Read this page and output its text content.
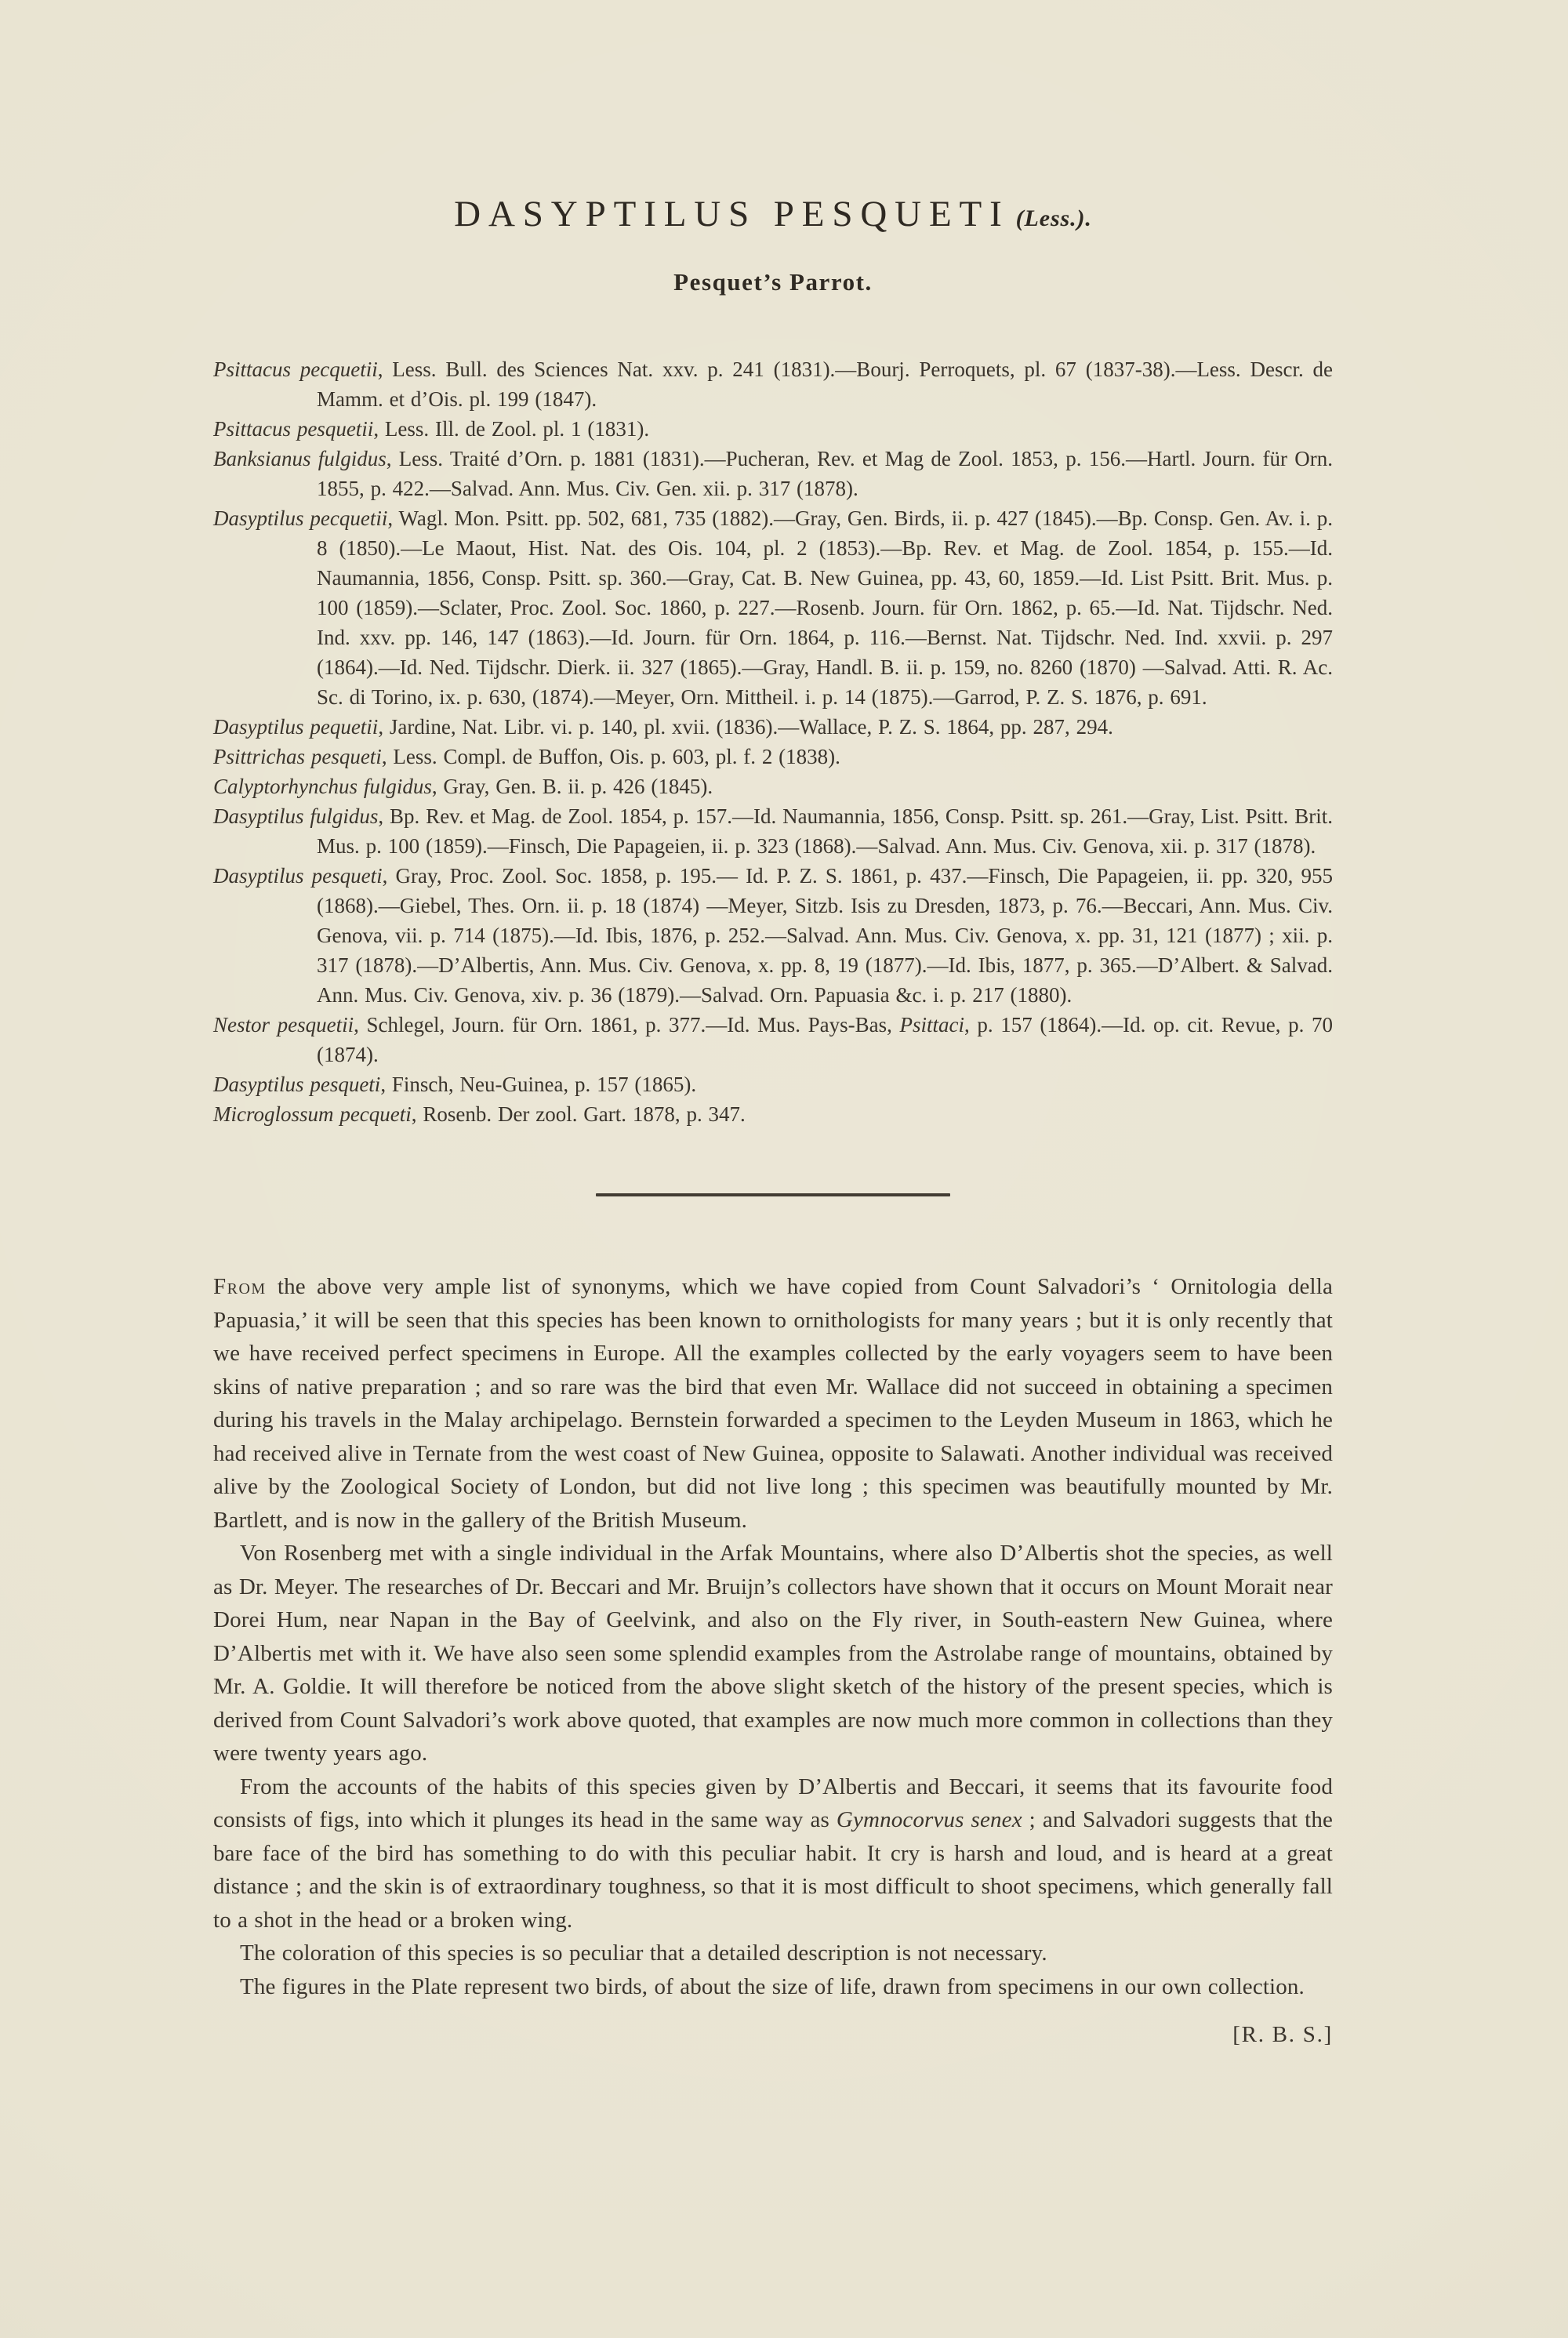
DASYPTILUS PESQUETI (Less.).
Pesquet’s Parrot.

Psittacus pecquetii, Less. Bull. des Sciences Nat. xxv. p. 241 (1831).—Bourj. Perroquets, pl. 67 (1837-38).—Less. Descr. de Mamm. et d’Ois. pl. 199 (1847).

Psittacus pesquetii, Less. Ill. de Zool. pl. 1 (1831).

Banksianus fulgidus, Less. Traité d’Orn. p. 1881 (1831).—Pucheran, Rev. et Mag de Zool. 1853, p. 156.—Hartl. Journ. für Orn. 1855, p. 422.—Salvad. Ann. Mus. Civ. Gen. xii. p. 317 (1878).

Dasyptilus pecquetii, Wagl. Mon. Psitt. pp. 502, 681, 735 (1882).—Gray, Gen. Birds, ii. p. 427 (1845).—Bp. Consp. Gen. Av. i. p. 8 (1850).—Le Maout, Hist. Nat. des Ois. 104, pl. 2 (1853).—Bp. Rev. et Mag. de Zool. 1854, p. 155.—Id. Naumannia, 1856, Consp. Psitt. sp. 360.—Gray, Cat. B. New Guinea, pp. 43, 60, 1859.—Id. List Psitt. Brit. Mus. p. 100 (1859).—Sclater, Proc. Zool. Soc. 1860, p. 227.—Rosenb. Journ. für Orn. 1862, p. 65.—Id. Nat. Tijdschr. Ned. Ind. xxv. pp. 146, 147 (1863).—Id. Journ. für Orn. 1864, p. 116.—Bernst. Nat. Tijdschr. Ned. Ind. xxvii. p. 297 (1864).—Id. Ned. Tijdschr. Dierk. ii. 327 (1865).—Gray, Handl. B. ii. p. 159, no. 8260 (1870) —Salvad. Atti. R. Ac. Sc. di Torino, ix. p. 630, (1874).—Meyer, Orn. Mittheil. i. p. 14 (1875).—Garrod, P. Z. S. 1876, p. 691.

Dasyptilus pequetii, Jardine, Nat. Libr. vi. p. 140, pl. xvii. (1836).—Wallace, P. Z. S. 1864, pp. 287, 294.

Psittrichas pesqueti, Less. Compl. de Buffon, Ois. p. 603, pl. f. 2 (1838).

Calyptorhynchus fulgidus, Gray, Gen. B. ii. p. 426 (1845).

Dasyptilus fulgidus, Bp. Rev. et Mag. de Zool. 1854, p. 157.—Id. Naumannia, 1856, Consp. Psitt. sp. 261.—Gray, List. Psitt. Brit. Mus. p. 100 (1859).—Finsch, Die Papageien, ii. p. 323 (1868).—Salvad. Ann. Mus. Civ. Genova, xii. p. 317 (1878).

Dasyptilus pesqueti, Gray, Proc. Zool. Soc. 1858, p. 195.— Id. P. Z. S. 1861, p. 437.—Finsch, Die Papageien, ii. pp. 320, 955 (1868).—Giebel, Thes. Orn. ii. p. 18 (1874) —Meyer, Sitzb. Isis zu Dresden, 1873, p. 76.—Beccari, Ann. Mus. Civ. Genova, vii. p. 714 (1875).—Id. Ibis, 1876, p. 252.—Salvad. Ann. Mus. Civ. Genova, x. pp. 31, 121 (1877) ; xii. p. 317 (1878).—D’Albertis, Ann. Mus. Civ. Genova, x. pp. 8, 19 (1877).—Id. Ibis, 1877, p. 365.—D’Albert. & Salvad. Ann. Mus. Civ. Genova, xiv. p. 36 (1879).—Salvad. Orn. Papuasia &c. i. p. 217 (1880).

Nestor pesquetii, Schlegel, Journ. für Orn. 1861, p. 377.—Id. Mus. Pays-Bas, Psittaci, p. 157 (1864).—Id. op. cit. Revue, p. 70 (1874).

Dasyptilus pesqueti, Finsch, Neu-Guinea, p. 157 (1865).

Microglossum pecqueti, Rosenb. Der zool. Gart. 1878, p. 347.

From the above very ample list of synonyms, which we have copied from Count Salvadori’s ‘ Ornitologia della Papuasia,’ it will be seen that this species has been known to ornithologists for many years ; but it is only recently that we have received perfect specimens in Europe. All the examples collected by the early voyagers seem to have been skins of native preparation ; and so rare was the bird that even Mr. Wallace did not succeed in obtaining a specimen during his travels in the Malay archipelago. Bernstein forwarded a specimen to the Leyden Museum in 1863, which he had received alive in Ternate from the west coast of New Guinea, opposite to Salawati. Another individual was received alive by the Zoological Society of London, but did not live long ; this specimen was beautifully mounted by Mr. Bartlett, and is now in the gallery of the British Museum.

Von Rosenberg met with a single individual in the Arfak Mountains, where also D’Albertis shot the species, as well as Dr. Meyer. The researches of Dr. Beccari and Mr. Bruijn’s collectors have shown that it occurs on Mount Morait near Dorei Hum, near Napan in the Bay of Geelvink, and also on the Fly river, in South-eastern New Guinea, where D’Albertis met with it. We have also seen some splendid examples from the Astrolabe range of mountains, obtained by Mr. A. Goldie. It will therefore be noticed from the above slight sketch of the history of the present species, which is derived from Count Salvadori’s work above quoted, that examples are now much more common in collections than they were twenty years ago.

From the accounts of the habits of this species given by D’Albertis and Beccari, it seems that its favourite food consists of figs, into which it plunges its head in the same way as Gymnocorvus senex ; and Salvadori suggests that the bare face of the bird has something to do with this peculiar habit. It cry is harsh and loud, and is heard at a great distance ; and the skin is of extraordinary toughness, so that it is most difficult to shoot specimens, which generally fall to a shot in the head or a broken wing.

The coloration of this species is so peculiar that a detailed description is not necessary.

The figures in the Plate represent two birds, of about the size of life, drawn from specimens in our own collection.

[R. B. S.]
